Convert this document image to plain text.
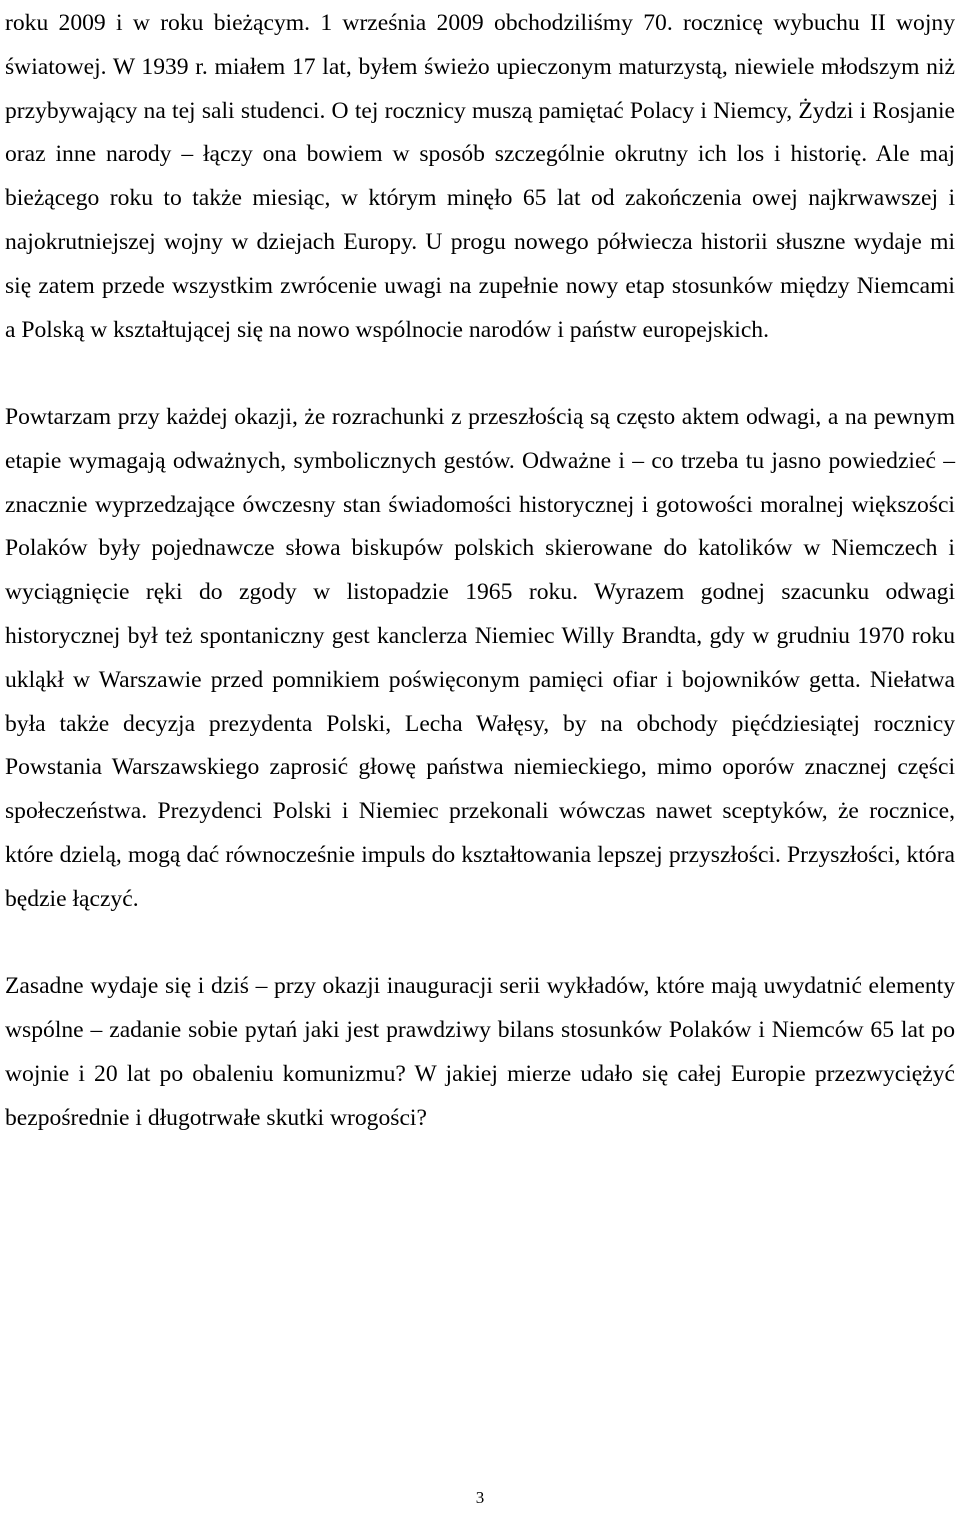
roku 2009 i w roku bieżącym. 1 września 2009 obchodziliśmy 70. rocznicę wybuchu II wojny światowej. W 1939 r. miałem 17 lat, byłem świeżo upieczonym maturzystą, niewiele młodszym niż przybywający na tej sali studenci. O tej rocznicy muszą pamiętać Polacy i Niemcy, Żydzi i Rosjanie oraz inne narody – łączy ona bowiem w sposób szczególnie okrutny ich los i historię. Ale maj bieżącego roku to także miesiąc, w którym minęło 65 lat od zakończenia owej najkrwawszej i najokrutniejszej wojny w dziejach Europy. U progu nowego półwiecza historii słuszne wydaje mi się zatem przede wszystkim zwrócenie uwagi na zupełnie nowy etap stosunków między Niemcami a Polską w kształtującej się na nowo wspólnocie narodów i państw europejskich.

Powtarzam przy każdej okazji, że rozrachunki z przeszłością są często aktem odwagi, a na pewnym etapie wymagają odważnych, symbolicznych gestów. Odważne i – co trzeba tu jasno powiedzieć – znacznie wyprzedzające ówczesny stan świadomości historycznej i gotowości moralnej większości Polaków były pojednawcze słowa biskupów polskich skierowane do katolików w Niemczech i wyciągnięcie ręki do zgody w listopadzie 1965 roku. Wyrazem godnej szacunku odwagi historycznej był też spontaniczny gest kanclerza Niemiec Willy Brandta, gdy w grudniu 1970 roku ukląkł w Warszawie przed pomnikiem poświęconym pamięci ofiar i bojowników getta. Niełatwa była także decyzja prezydenta Polski, Lecha Wałęsy, by na obchody pięćdziesiątej rocznicy Powstania Warszawskiego zaprosić głowę państwa niemieckiego, mimo oporów znacznej części społeczeństwa. Prezydenci Polski i Niemiec przekonali wówczas nawet sceptyków, że rocznice, które dzielą, mogą dać równocześnie impuls do kształtowania lepszej przyszłości. Przyszłości, która będzie łączyć.

Zasadne wydaje się i dziś – przy okazji inauguracji serii wykładów, które mają uwydatnić elementy wspólne – zadanie sobie pytań jaki jest prawdziwy bilans stosunków Polaków i Niemców 65 lat po wojnie i 20 lat po obaleniu komunizmu? W jakiej mierze udało się całej Europie przezwyciężyć bezpośrednie i długotrwałe skutki wrogości?

3
